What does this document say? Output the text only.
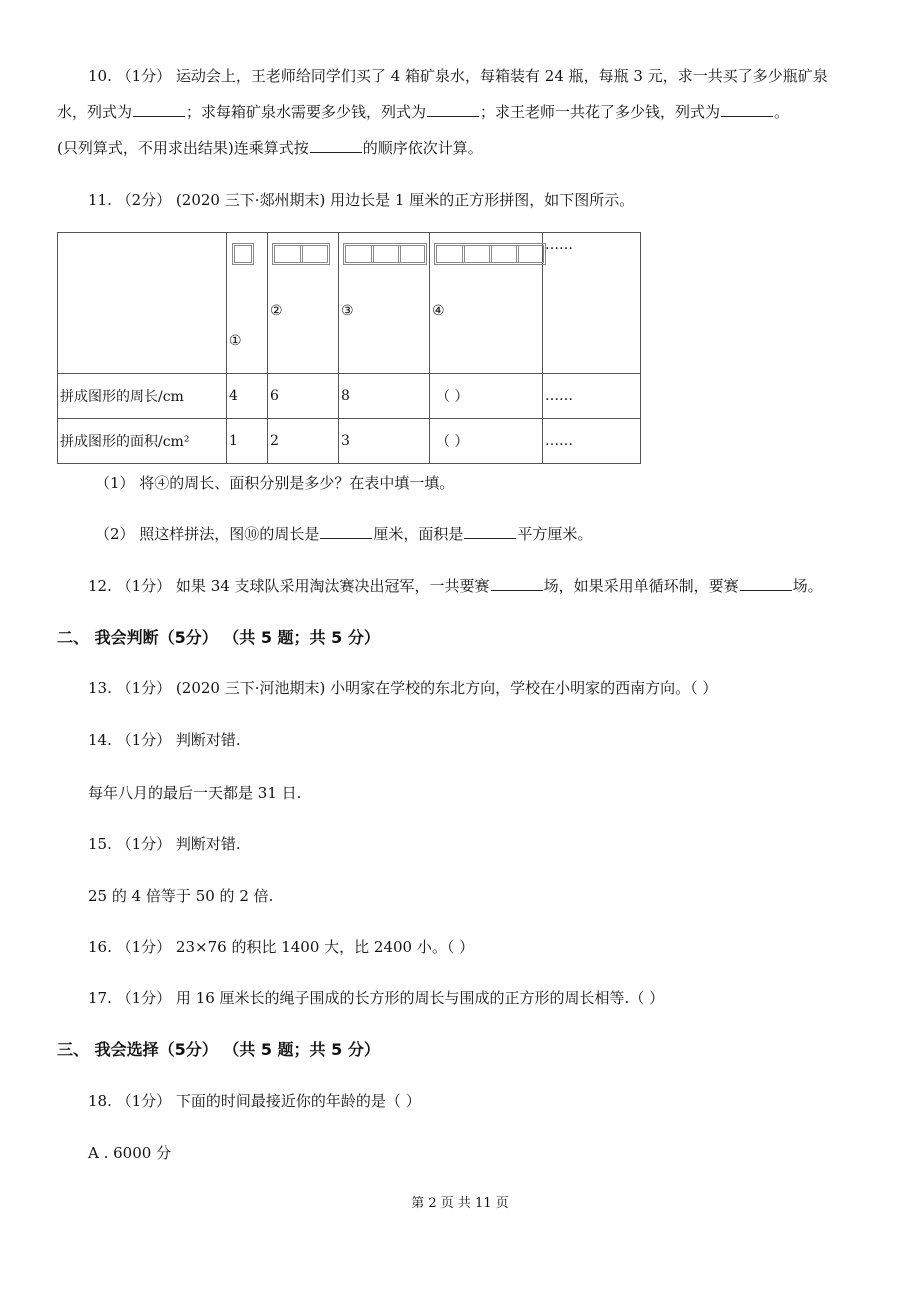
10. （1分） 运动会上，王老师给同学们买了 4 箱矿泉水，每箱装有 24 瓶，每瓶 3 元，求一共买了多少瓶矿泉
水，列式为	；求每箱矿泉水需要多少钱，列式为	；求王老师一共花了多少钱，列式为	。
(只列算式，不用求出结果)连乘算式按	的顺序依次计算。
11. （2分） (2020 三下·郯州期末) 用边长是 1 厘米的正方形拼图，如下图所示。

	①	②	③	④	……

拼成图形的周长/cm	4	6	8	（ ）	……
拼成图形的面积/cm²	1	2	3	（ ）	……
（1） 将④的周长、面积分别是多少？在表中填一填。
（2） 照这样拼法，图⑩的周长是	厘米，面积是	平方厘米。
12. （1分） 如果 34 支球队采用淘汰赛决出冠军，一共要赛	场，如果采用单循环制，要赛	场。
二、 我会判断（5分） （共 5 题；共 5 分）
13. （1分） (2020 三下·河池期末) 小明家在学校的东北方向，学校在小明家的西南方向。（ ）
14. （1分） 判断对错.
每年八月的最后一天都是 31 日.
15. （1分） 判断对错.
25 的 4 倍等于 50 的 2 倍.
16. （1分） 23×76 的积比 1400 大，比 2400 小。（ ）
17. （1分） 用 16 厘米长的绳子围成的长方形的周长与围成的正方形的周长相等.（ ）
三、 我会选择（5分） （共 5 题；共 5 分）
18. （1分） 下面的时间最接近你的年龄的是（ ）
A . 6000 分
第 2 页 共 11 页
